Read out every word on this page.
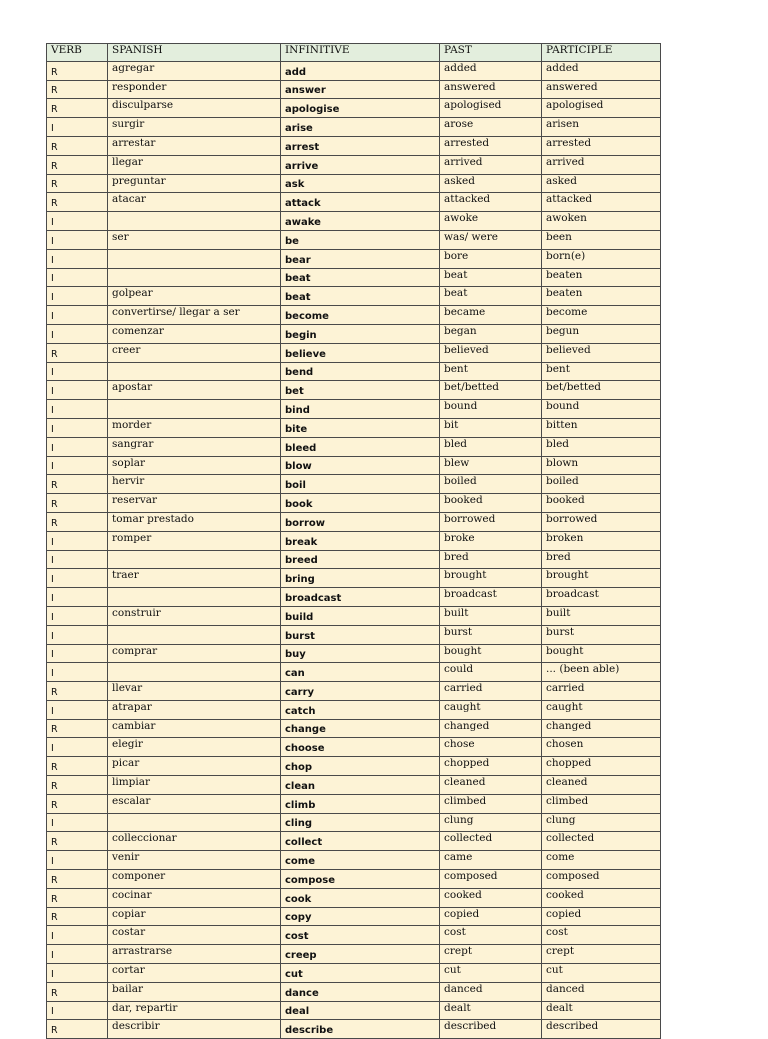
VERB	SPANISH	INFINITIVE	PAST	PARTICIPLE
R	agregar	add	added	added
R	responder	answer	answered	answered
R	disculparse	apologise	apologised	apologised
I	surgir	arise	arose	arisen
R	arrestar	arrest	arrested	arrested
R	llegar	arrive	arrived	arrived
R	preguntar	ask	asked	asked
R	atacar	attack	attacked	attacked
I		awake	awoke	awoken
I	ser	be	was/ were	been
I		bear	bore	born(e)
I		beat	beat	beaten
I	golpear	beat	beat	beaten
I	convertirse/ llegar a ser	become	became	become
I	comenzar	begin	began	begun
R	creer	believe	believed	believed
I		bend	bent	bent
I	apostar	bet	bet/betted	bet/betted
I		bind	bound	bound
I	morder	bite	bit	bitten
I	sangrar	bleed	bled	bled
I	soplar	blow	blew	blown
R	hervir	boil	boiled	boiled
R	reservar	book	booked	booked
R	tomar prestado	borrow	borrowed	borrowed
I	romper	break	broke	broken
I		breed	bred	bred
I	traer	bring	brought	brought
I		broadcast	broadcast	broadcast
I	construir	build	built	built
I		burst	burst	burst
I	comprar	buy	bought	bought
I		can	could	... (been able)
R	llevar	carry	carried	carried
I	atrapar	catch	caught	caught
R	cambiar	change	changed	changed
I	elegir	choose	chose	chosen
R	picar	chop	chopped	chopped
R	limpiar	clean	cleaned	cleaned
R	escalar	climb	climbed	climbed
I		cling	clung	clung
R	colleccionar	collect	collected	collected
I	venir	come	came	come
R	componer	compose	composed	composed
R	cocinar	cook	cooked	cooked
R	copiar	copy	copied	copied
I	costar	cost	cost	cost
I	arrastrarse	creep	crept	crept
I	cortar	cut	cut	cut
R	bailar	dance	danced	danced
I	dar, repartir	deal	dealt	dealt
R	describir	describe	described	described
